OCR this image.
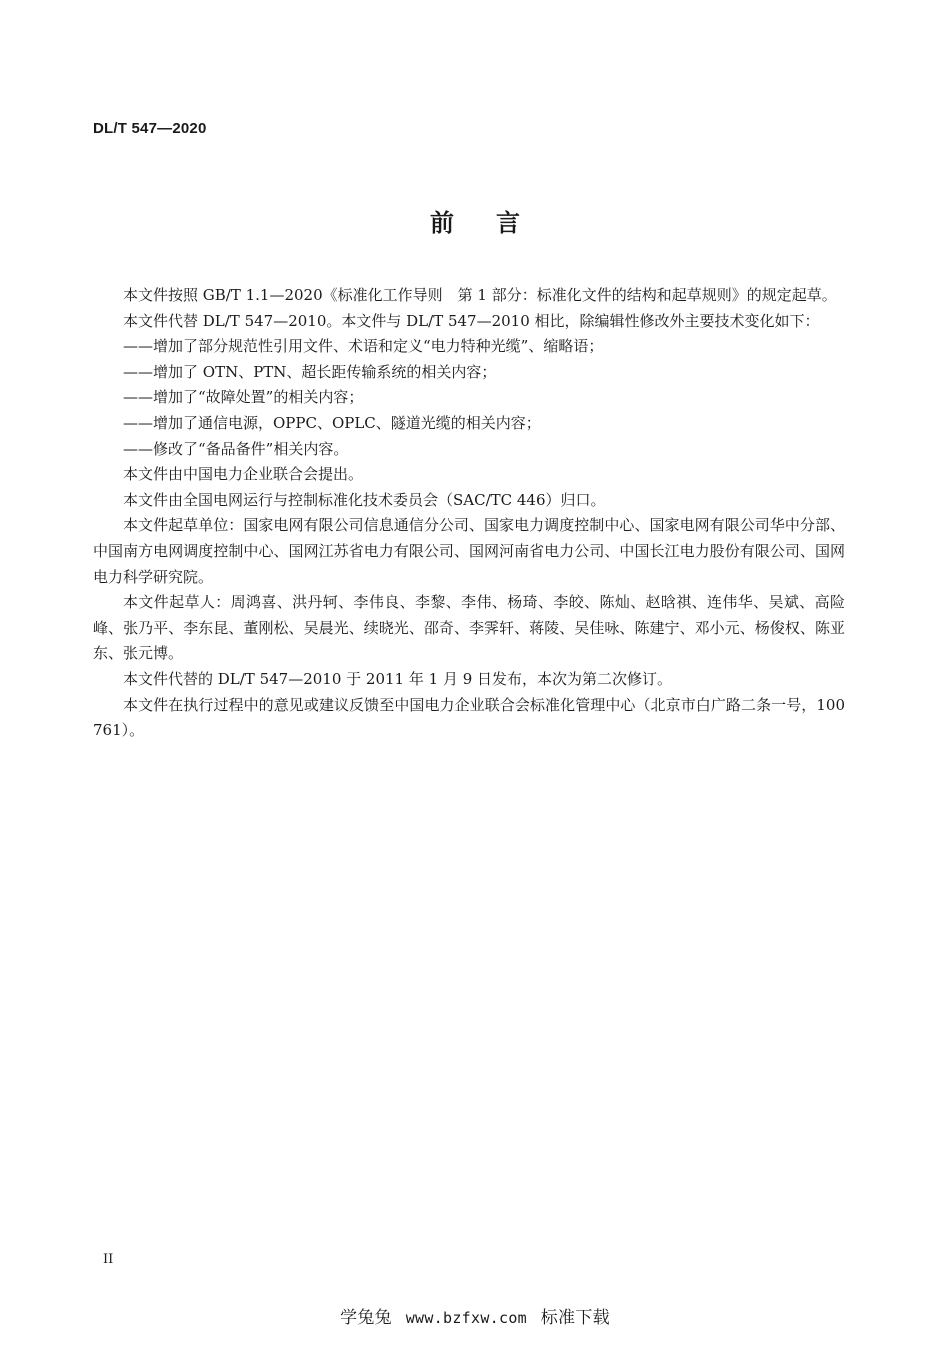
DL/T 547—2020
前言

本文件按照 GB/T 1.1—2020《标准化工作导则　第 1 部分：标准化文件的结构和起草规则》的规定起草。

本文件代替 DL/T 547—2010。本文件与 DL/T 547—2010 相比，除编辑性修改外主要技术变化如下：

——增加了部分规范性引用文件、术语和定义“电力特种光缆”、缩略语；

——增加了 OTN、PTN、超长距传输系统的相关内容；

——增加了“故障处置”的相关内容；

——增加了通信电源，OPPC、OPLC、隧道光缆的相关内容；

——修改了“备品备件”相关内容。

本文件由中国电力企业联合会提出。

本文件由全国电网运行与控制标准化技术委员会（SAC/TC 446）归口。

本文件起草单位：国家电网有限公司信息通信分公司、国家电力调度控制中心、国家电网有限公司华中分部、中国南方电网调度控制中心、国网江苏省电力有限公司、国网河南省电力公司、中国长江电力股份有限公司、国网电力科学研究院。

本文件起草人：周鸿喜、洪丹轲、李伟良、李黎、李伟、杨琦、李皎、陈灿、赵晗祺、连伟华、吴斌、高险峰、张乃平、李东昆、董刚松、吴晨光、续晓光、邵奇、李霁轩、蒋陵、吴佳咏、陈建宁、邓小元、杨俊权、陈亚东、张元博。

本文件代替的 DL/T 547—2010 于 2011 年 1 月 9 日发布，本次为第二次修订。

本文件在执行过程中的意见或建议反馈至中国电力企业联合会标准化管理中心（北京市白广路二条一号，100761）。

II
学兔兔 www.bzfxw.com 标准下载
